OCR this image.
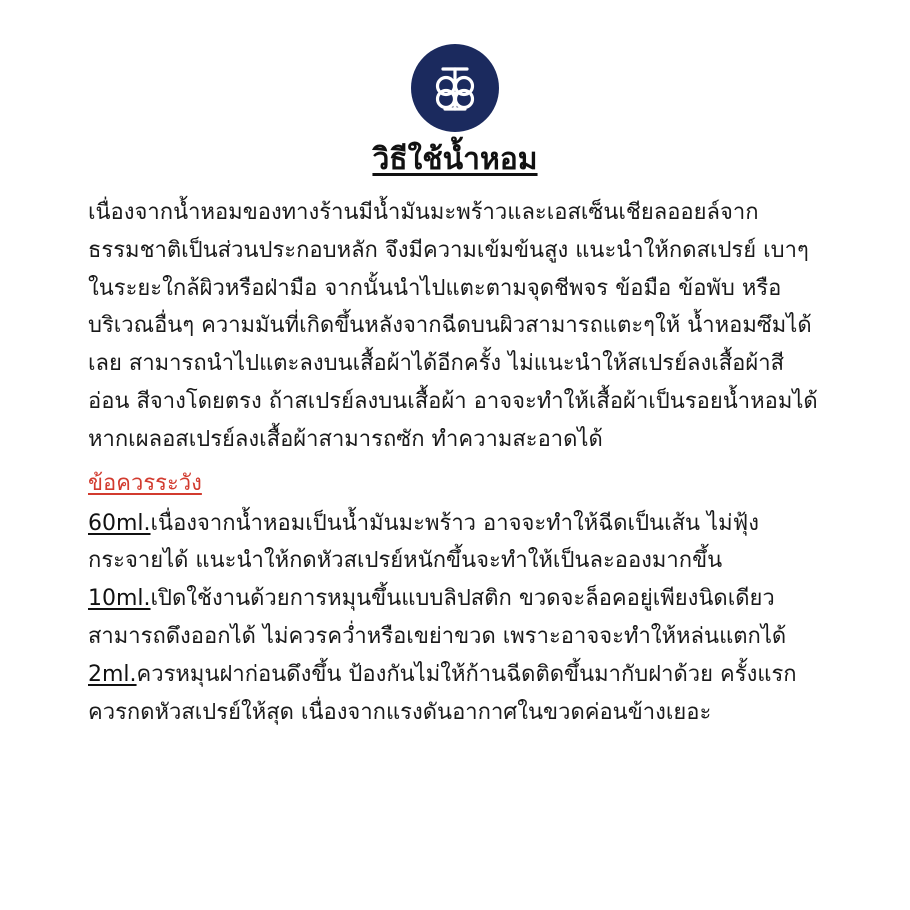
วิธีใช้น้ำหอม

เนื่องจากน้ำหอมของทางร้านมีน้ำมันมะพร้าวและเอสเซ็นเชียลออยล์จาก ธรรมชาติเป็นส่วนประกอบหลัก จึงมีความเข้มข้นสูง แนะนำให้กดสเปรย์ เบาๆในระยะใกล้ผิวหรือฝ่ามือ จากนั้นนำไปแตะตามจุดชีพจร ข้อมือ ข้อพับ หรือบริเวณอื่นๆ ความมันที่เกิดขึ้นหลังจากฉีดบนผิวสามารถแตะๆให้ น้ำหอมซึมได้เลย สามารถนำไปแตะลงบนเสื้อผ้าได้อีกครั้ง ไม่แนะนำให้สเปรย์ลงเสื้อผ้าสีอ่อน สีจางโดยตรง ถ้าสเปรย์ลงบนเสื้อผ้า อาจจะทำให้เสื้อผ้าเป็นรอยน้ำหอมได้ หากเผลอสเปรย์ลงเสื้อผ้าสามารถซัก ทำความสะอาดได้

ข้อควรระวัง

60ml.เนื่องจากน้ำหอมเป็นน้ำมันมะพร้าว อาจจะทำให้ฉีดเป็นเส้น ไม่ฟุ้งกระจายได้ แนะนำให้กดหัวสเปรย์หนักขึ้นจะทำให้เป็นละอองมากขึ้น

10ml.เปิดใช้งานด้วยการหมุนขึ้นแบบลิปสติก ขวดจะล็อคอยู่เพียงนิดเดียว สามารถดึงออกได้ ไม่ควรคว่ำหรือเขย่าขวด เพราะอาจจะทำให้หล่นแตกได้

2ml.ควรหมุนฝาก่อนดึงขึ้น ป้องกันไม่ให้ก้านฉีดติดขึ้นมากับฝาด้วย ครั้งแรกควรกดหัวสเปรย์ให้สุด เนื่องจากแรงดันอากาศในขวดค่อนข้างเยอะ
